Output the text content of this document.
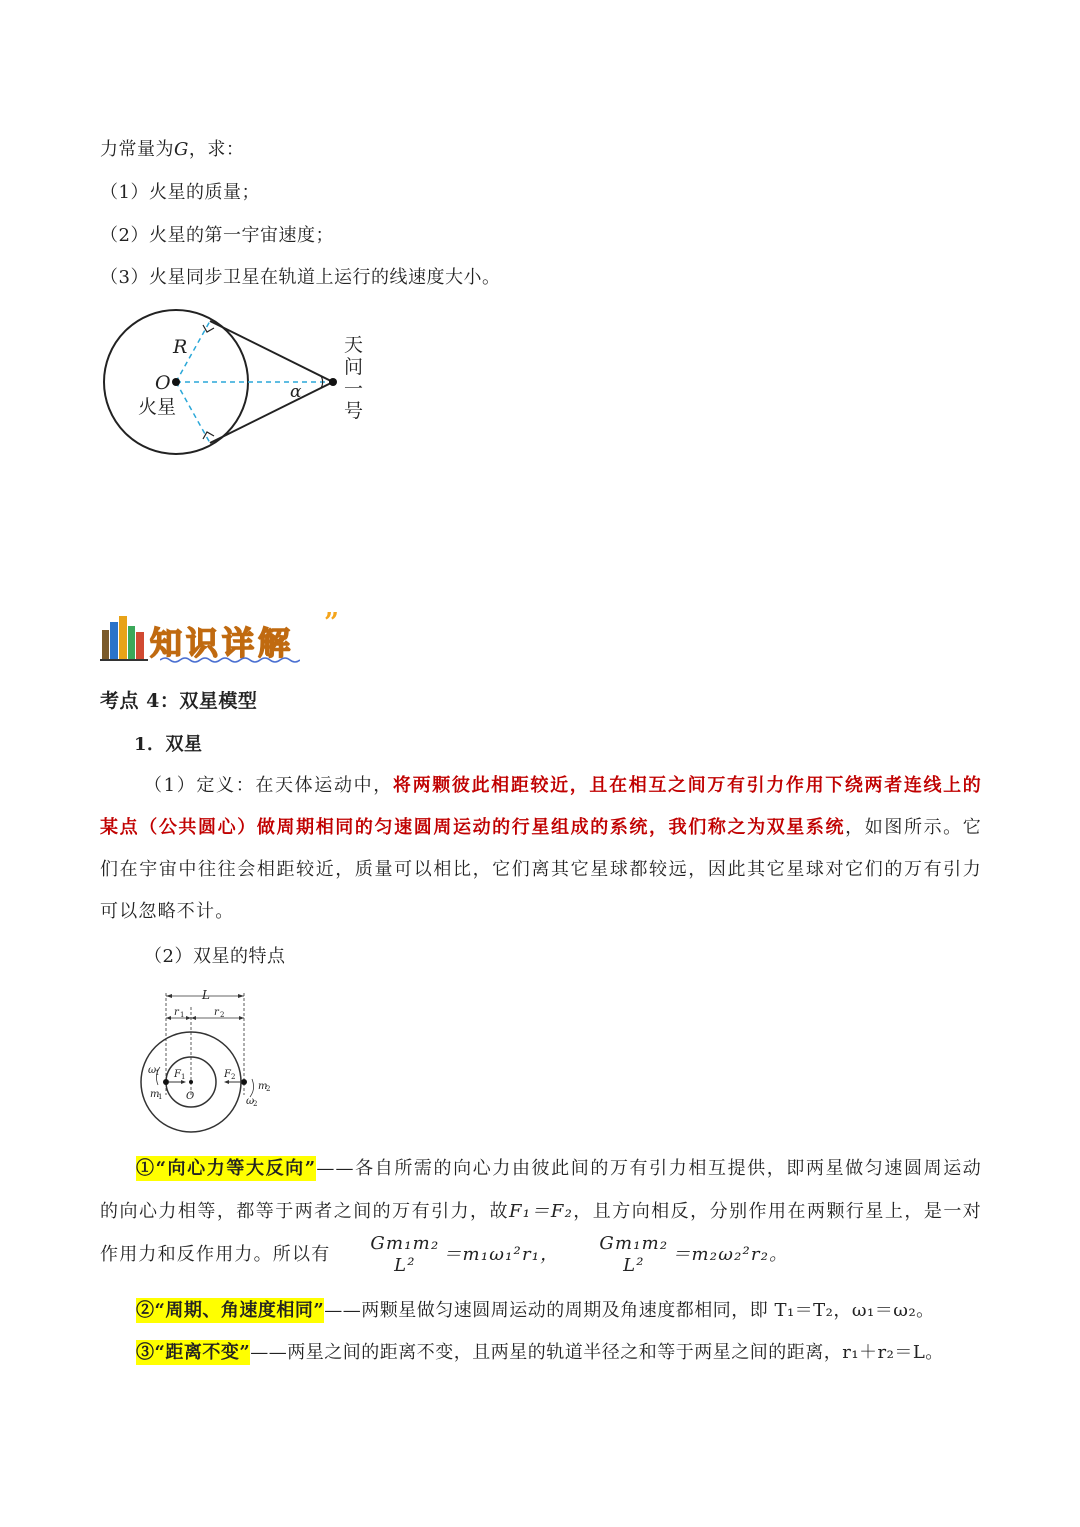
力常量为G，求：
（1）火星的质量；
（2）火星的第一宇宙速度；
（3）火星同步卫星在轨道上运行的线速度大小。
R
O
火星
α
天
问
一
号
知识详解
”
考点 4：双星模型
1．双星
（1）定义：在天体运动中，将两颗彼此相距较近，且在相互之间万有引力作用下绕两者连线上的某点（公共圆心）做周期相同的匀速圆周运动的行星组成的系统，我们称之为双星系统，如图所示。它们在宇宙中往往会相距较近，质量可以相比，它们离其它星球都较远，因此其它星球对它们的万有引力可以忽略不计。
（2）双星的特点
L
r 1	r 2
ω
1 F 1	F 2
m
1
m
2
ω
2
O
①“向心力等大反向”——各自所需的向心力由彼此间的万有引力相互提供，即两星做匀速圆周运动的向心力相等，都等于两者之间的万有引力，故F₁＝F₂，且方向相反，分别作用在两颗行星上，是一对作用力和反作用力。所以有
Gm₁m₂
L²
＝m₁ω₁²r₁，
Gm₁m₂
L²
＝m₂ω₂²r₂。
②“周期、角速度相同”——两颗星做匀速圆周运动的周期及角速度都相同，即 T₁＝T₂，ω₁＝ω₂。
③“距离不变”——两星之间的距离不变，且两星的轨道半径之和等于两星之间的距离，r₁＋r₂＝L。
